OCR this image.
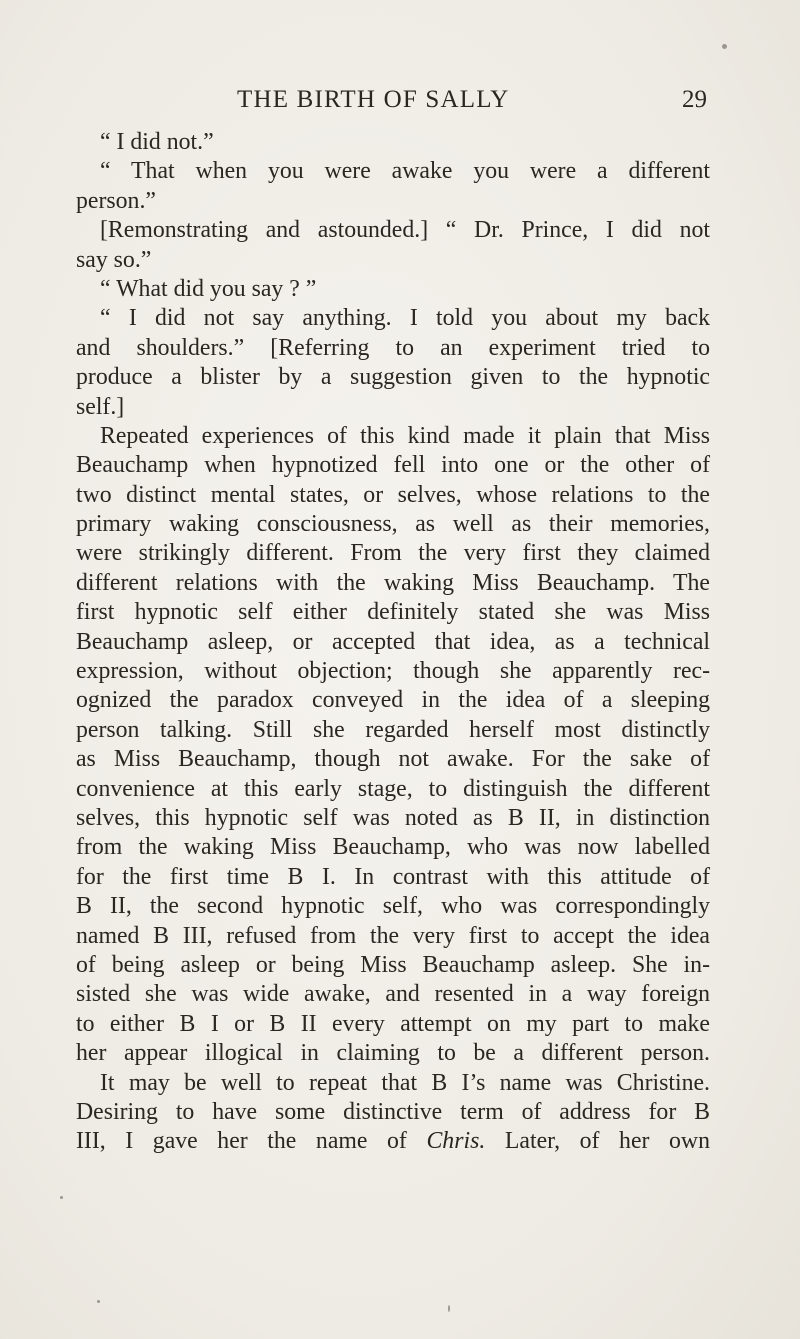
THE BIRTH OF SALLY	29
“ I did not.”
“ That when you were awake you were a different
person.”
[Remonstrating and astounded.] “ Dr. Prince, I did not
say so.”
“ What did you say ? ”
“ I did not say anything. I told you about my back
and shoulders.” [Referring to an experiment tried to
produce a blister by a suggestion given to the hypnotic
self.]
Repeated experiences of this kind made it plain that Miss
Beauchamp when hypnotized fell into one or the other of
two distinct mental states, or selves, whose relations to the
primary waking consciousness, as well as their memories,
were strikingly different. From the very first they claimed
different relations with the waking Miss Beauchamp. The
first hypnotic self either definitely stated she was Miss
Beauchamp asleep, or accepted that idea, as a technical
expression, without objection; though she apparently rec-
ognized the paradox conveyed in the idea of a sleeping
person talking. Still she regarded herself most distinctly
as Miss Beauchamp, though not awake. For the sake of
convenience at this early stage, to distinguish the different
selves, this hypnotic self was noted as B II, in distinction
from the waking Miss Beauchamp, who was now labelled
for the first time B I. In contrast with this attitude of
B II, the second hypnotic self, who was correspondingly
named B III, refused from the very first to accept the idea
of being asleep or being Miss Beauchamp asleep. She in-
sisted she was wide awake, and resented in a way foreign
to either B I or B II every attempt on my part to make
her appear illogical in claiming to be a different person.
It may be well to repeat that B I’s name was Christine.
Desiring to have some distinctive term of address for B
III, I gave her the name of Chris. Later, of her own
